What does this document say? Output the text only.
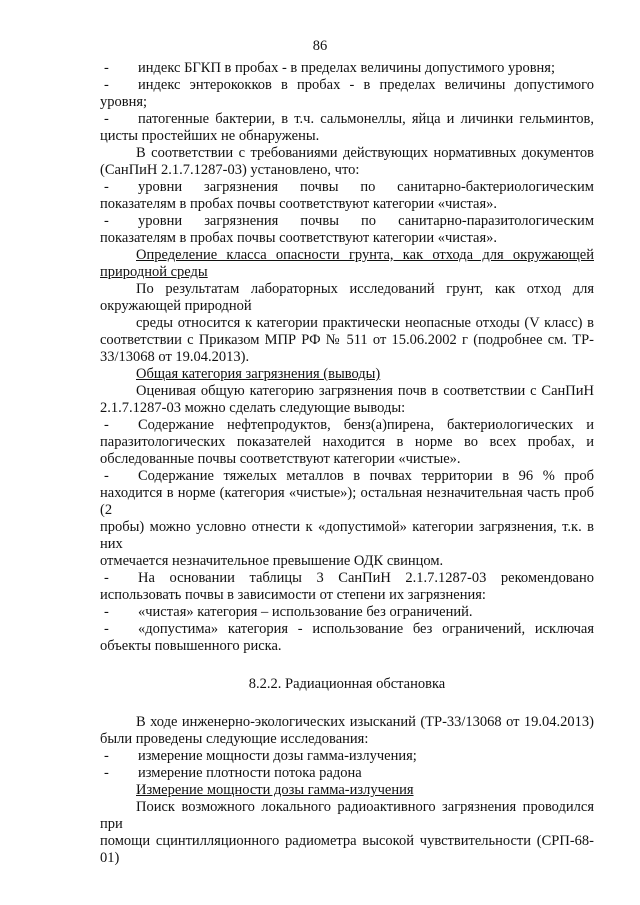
86
-	индекс БГКП в пробах - в пределах величины допустимого уровня;
-	индекс энтерококков в пробах - в пределах величины допустимого

уровня;

-	патогенные бактерии, в т.ч. сальмонеллы, яйца и личинки гельминтов,

цисты простейших не обнаружены.

В соответствии с требованиями действующих нормативных документов

(СанПиН 2.1.7.1287-03) установлено, что:

-	уровни загрязнения почвы по санитарно-бактериологическим

показателям в пробах почвы соответствуют категории «чистая».

-	уровни загрязнения почвы по санитарно-паразитологическим

показателям в пробах почвы соответствуют категории «чистая».

Определение класса опасности грунта, как отхода для окружающей

природной среды

По результатам лабораторных исследований грунт, как отход для

окружающей природной

среды относится к категории практически неопасные отходы (V класс) в

соответствии с Приказом МПР РФ № 511 от 15.06.2002 г (подробнее см. ТР-

33/13068 от 19.04.2013).

Общая категория загрязнения (выводы)

Оценивая общую категорию загрязнения почв в соответствии с СанПиН

2.1.7.1287-03 можно сделать следующие выводы:

-	Содержание нефтепродуктов, бенз(а)пирена, бактериологических и

паразитологических показателей находится в норме во всех пробах, и

обследованные почвы соответствуют категории «чистые».

-	Содержание тяжелых металлов в почвах территории в 96 % проб

находится в норме (категория «чистые»); остальная незначительная часть проб (2

пробы) можно условно отнести к «допустимой» категории загрязнения, т.к. в них

отмечается незначительное превышение ОДК свинцом.

-	На основании таблицы 3 СанПиН 2.1.7.1287-03 рекомендовано

использовать почвы в зависимости от степени их загрязнения:

-	«чистая» категория – использование без ограничений.
-	«допустима» категория - использование без ограничений, исключая

объекты повышенного риска.

8.2.2. Радиационная обстановка

В ходе инженерно-экологических изысканий (ТР-33/13068 от 19.04.2013)

были проведены следующие исследования:

-	измерение мощности дозы гамма-излучения;
-	измерение плотности потока радона

Измерение мощности дозы гамма-излучения

Поиск возможного локального радиоактивного загрязнения проводился при

помощи сцинтилляционного радиометра высокой чувствительности (СРП-68-01)
